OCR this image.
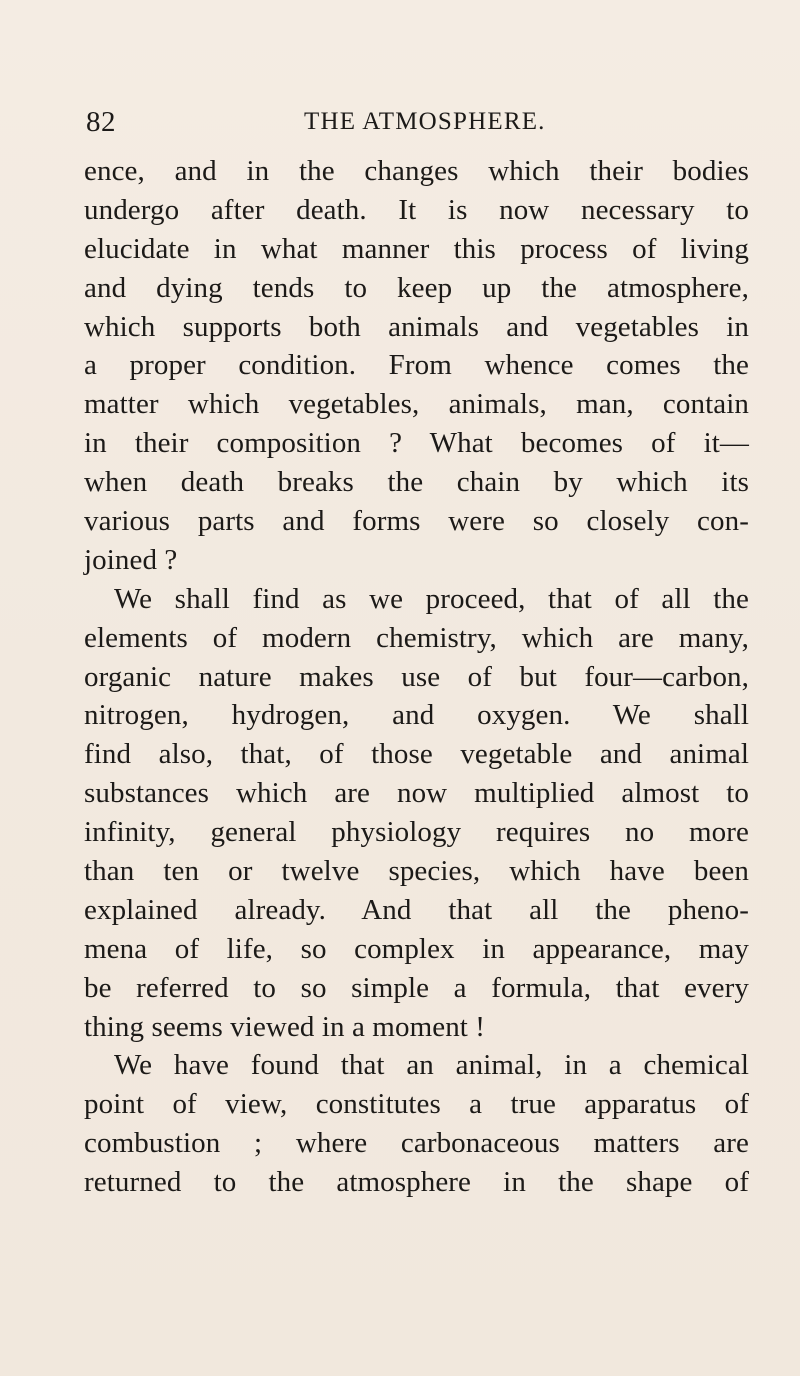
82	THE ATMOSPHERE.
ence, and in the changes which their bodies
undergo after death. It is now necessary to
elucidate in what manner this process of living
and dying tends to keep up the atmosphere,
which supports both animals and vegetables in
a proper condition. From whence comes the
matter which vegetables, animals, man, contain
in their composition ? What becomes of it—
when death breaks the chain by which its
various parts and forms were so closely con-
joined ?
We shall find as we proceed, that of all the
elements of modern chemistry, which are many,
organic nature makes use of but four—carbon,
nitrogen, hydrogen, and oxygen. We shall
find also, that, of those vegetable and animal
substances which are now multiplied almost to
infinity, general physiology requires no more
than ten or twelve species, which have been
explained already. And that all the pheno-
mena of life, so complex in appearance, may
be referred to so simple a formula, that every
thing seems viewed in a moment !
We have found that an animal, in a chemical
point of view, constitutes a true apparatus of
combustion ; where carbonaceous matters are
returned to the atmosphere in the shape of
